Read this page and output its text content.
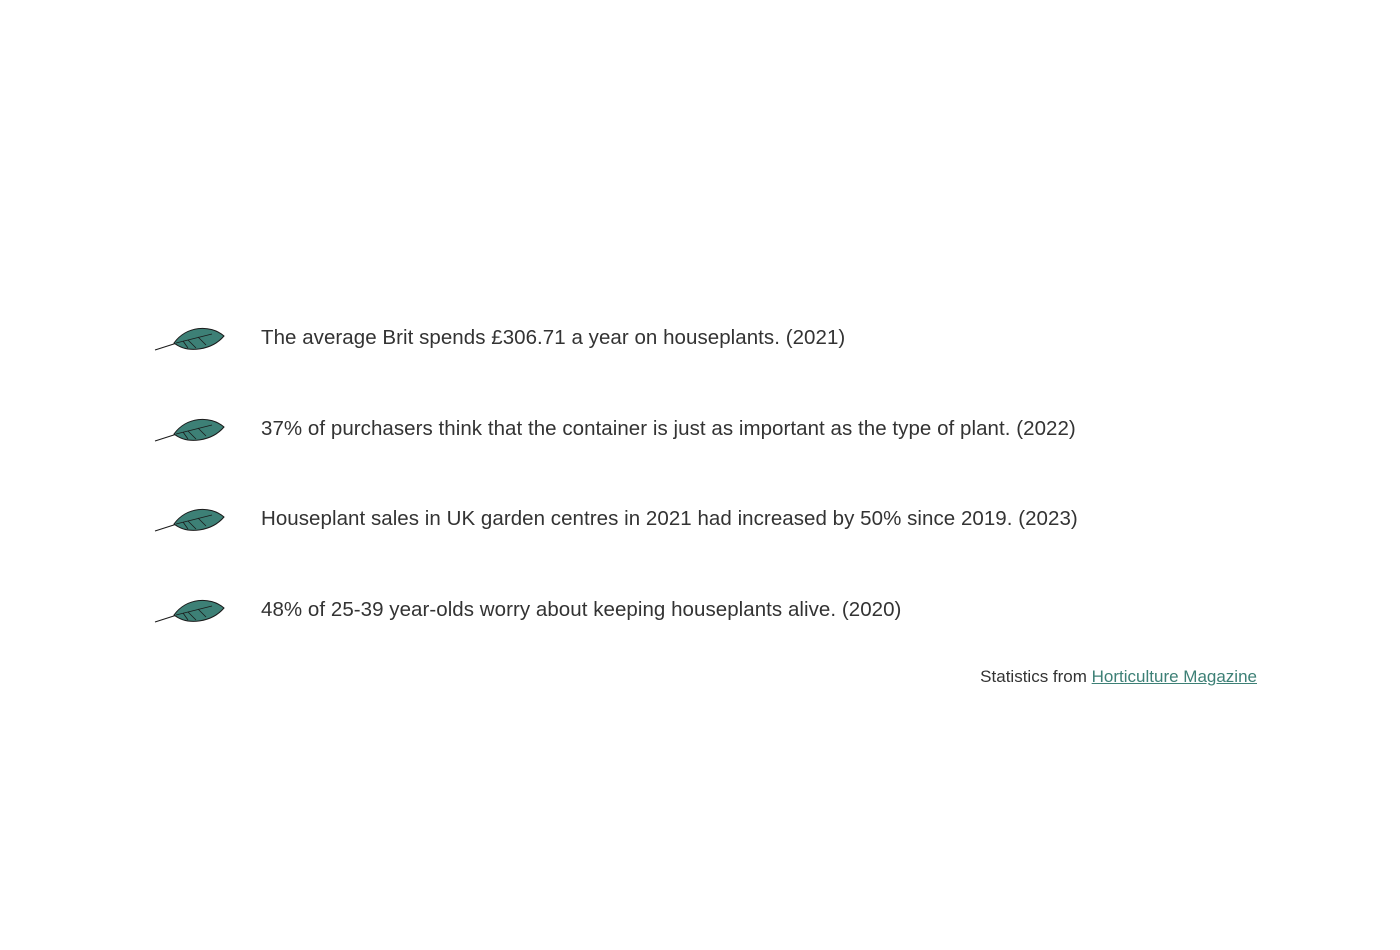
The average Brit spends £306.71 a year on houseplants. (2021)
37% of purchasers think that the container is just as important as the type of plant. (2022)
Houseplant sales in UK garden centres in 2021 had increased by 50% since 2019. (2023)
48% of 25-39 year-olds worry about keeping houseplants alive. (2020)
Statistics from Horticulture Magazine
